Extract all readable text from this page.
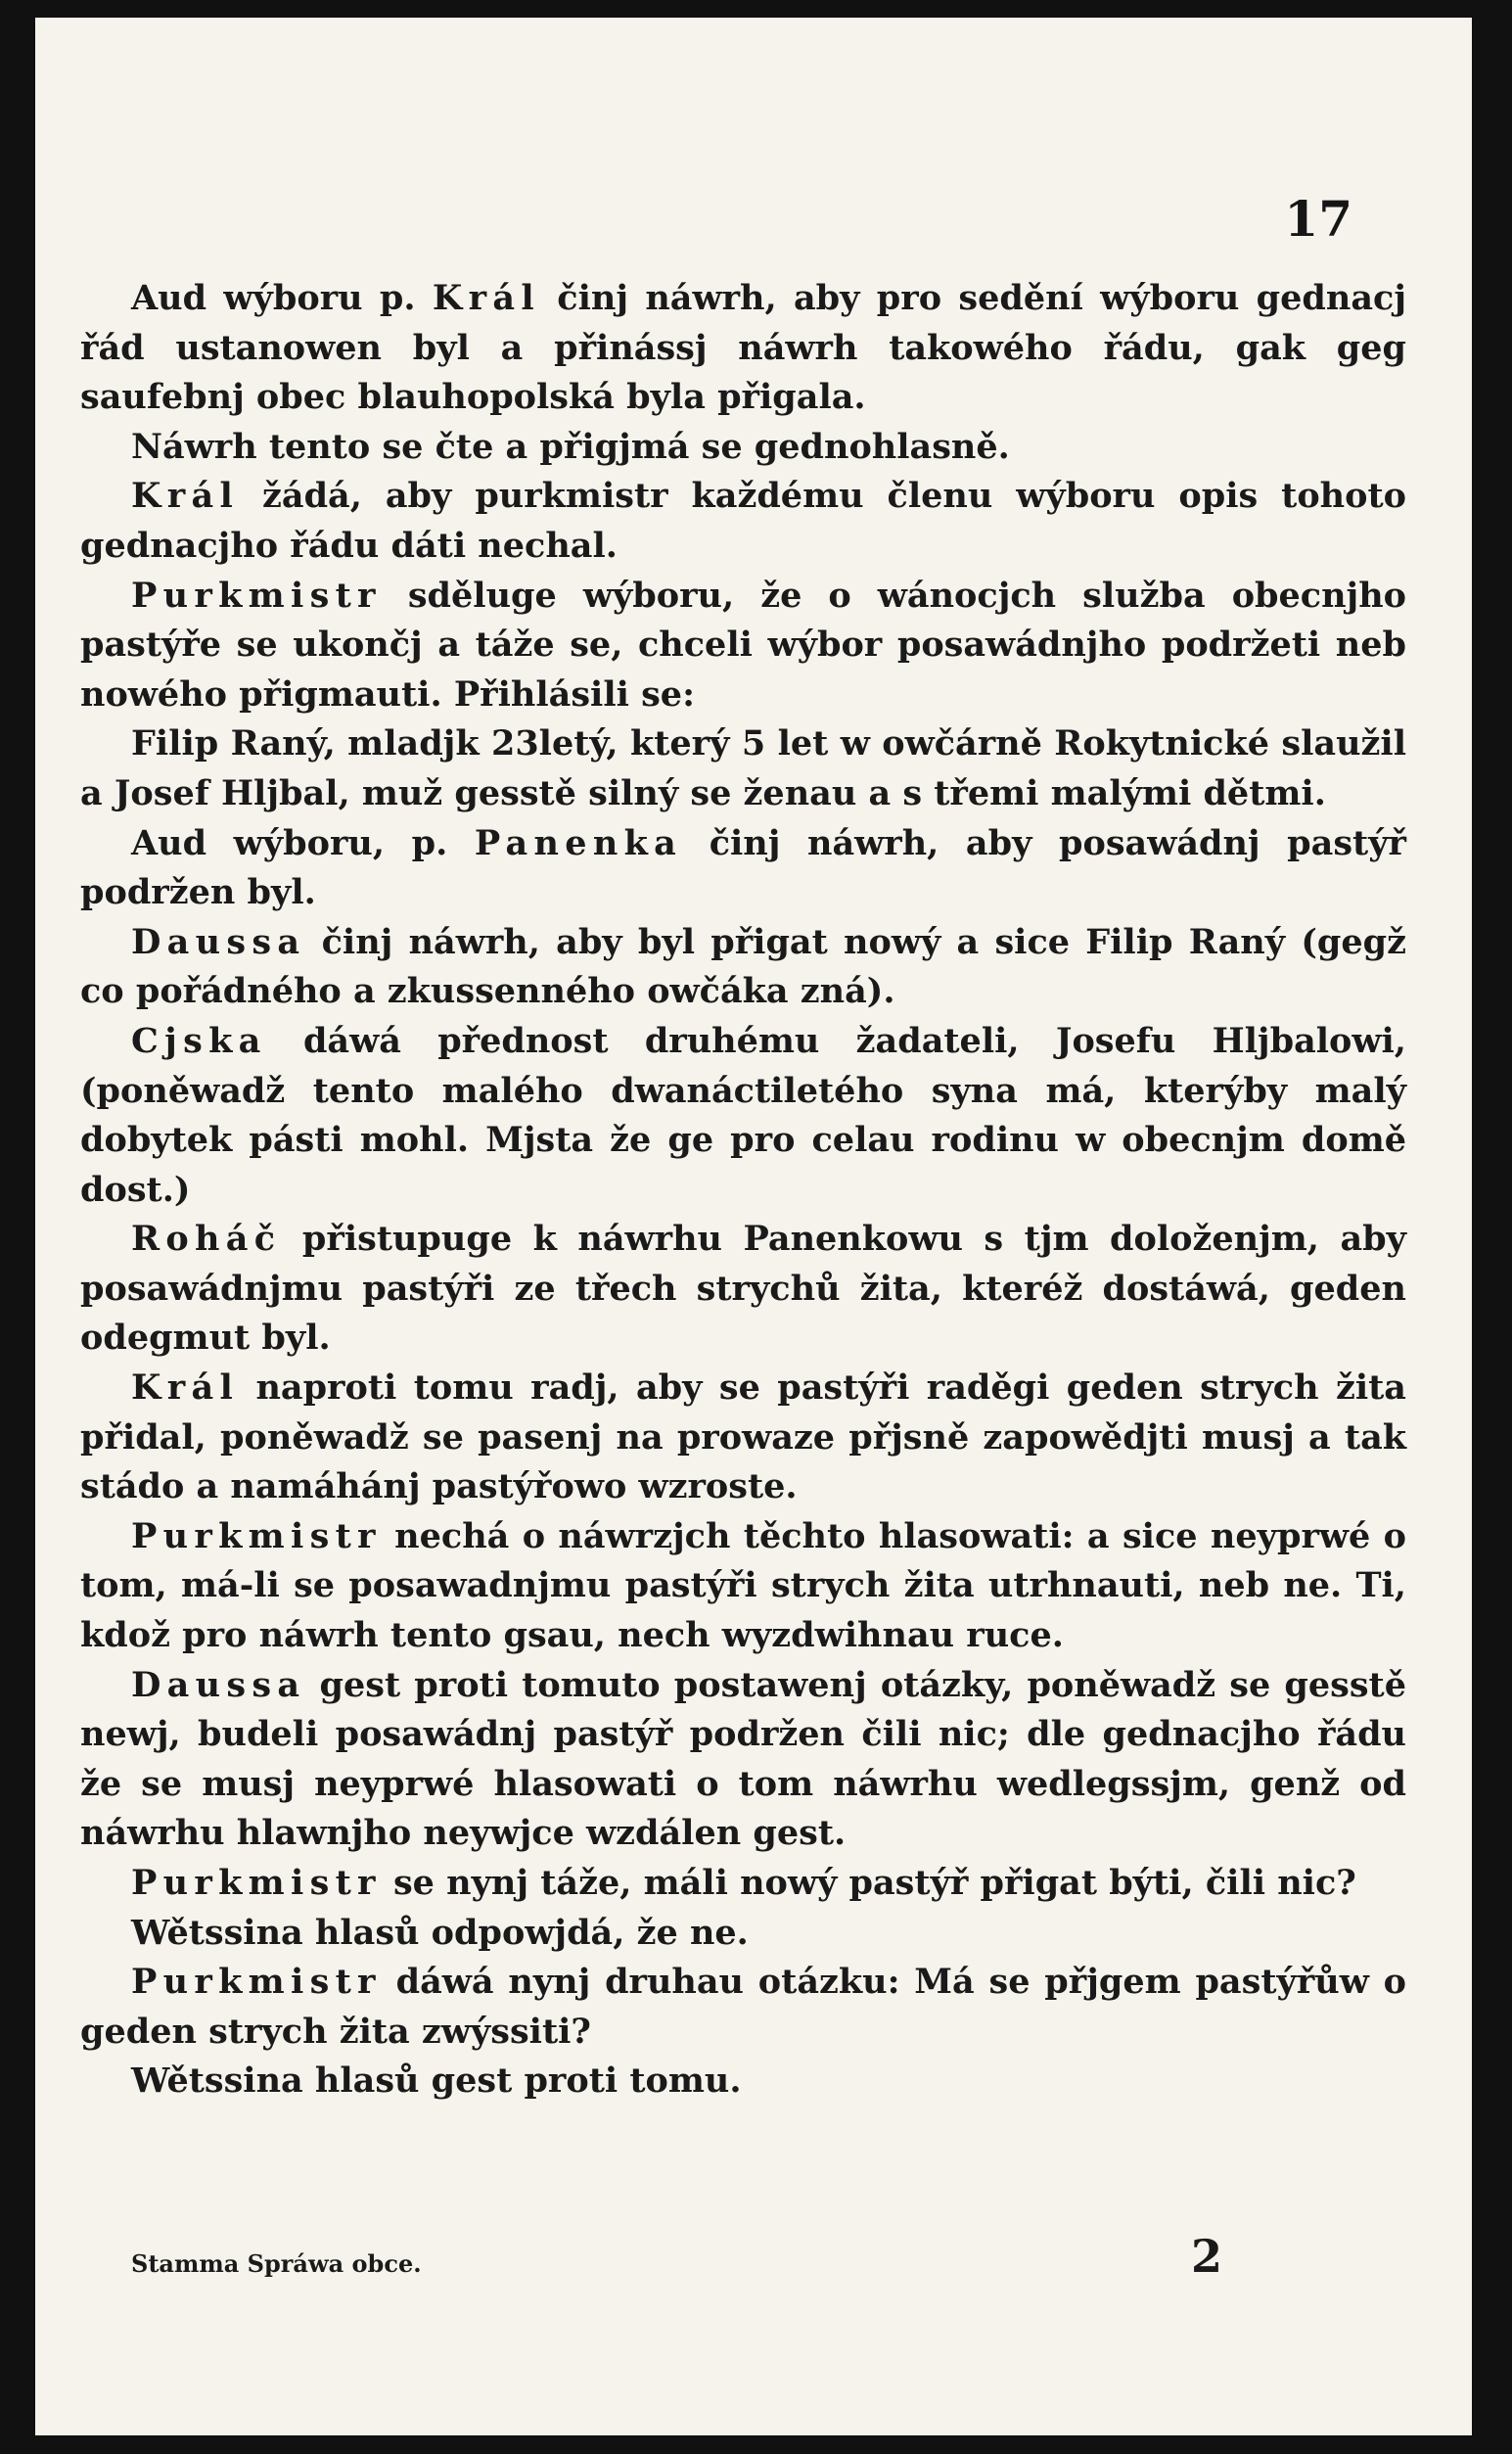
17

Aud wýboru p. Král činj náwrh, aby pro sedění wýboru gednacj řád ustanowen byl a přinássj náwrh takowého řádu, gak geg saufebnj obec blauhopolská byla přigala.

Náwrh tento se čte a přigjmá se gednohlasně.

Král žádá, aby purkmistr každému členu wýboru opis tohoto gednacjho řádu dáti nechal.

Purkmistr sděluge wýboru, že o wánocjch služba obecnjho pastýře se ukončj a táže se, chceli wýbor posawádnjho podržeti neb nowého přigmauti. Přihlásili se:

Filip Raný, mladjk 23letý, který 5 let w owčárně Rokytnické slaužil a Josef Hljbal, muž gesstě silný se ženau a s třemi malými dětmi.

Aud wýboru, p. Panenka činj náwrh, aby posawádnj pastýř podržen byl.

Daussa činj náwrh, aby byl přigat nowý a sice Filip Raný (gegž co pořádného a zkussenného owčáka zná).

Cjska dáwá přednost druhému žadateli, Josefu Hljbalowi, (poněwadž tento malého dwanáctiletého syna má, kterýby malý dobytek pásti mohl. Mjsta že ge pro celau rodinu w obecnjm domě dost.)

Roháč přistupuge k náwrhu Panenkowu s tjm doloženjm, aby posawádnjmu pastýři ze třech strychů žita, kteréž dostáwá, geden odegmut byl.

Král naproti tomu radj, aby se pastýři raděgi geden strych žita přidal, poněwadž se pasenj na prowaze přjsně zapowědjti musj a tak stádo a namáhánj pastýřowo wzroste.

Purkmistr nechá o náwrzjch těchto hlasowati: a sice neyprwé o tom, má-li se posawadnjmu pastýři strych žita utrhnauti, neb ne. Ti, kdož pro náwrh tento gsau, nech wyzdwihnau ruce.

Daussa gest proti tomuto postawenj otázky, poněwadž se gesstě newj, budeli posawádnj pastýř podržen čili nic; dle gednacjho řádu že se musj neyprwé hlasowati o tom náwrhu wedlegssjm, genž od náwrhu hlawnjho neywjce wzdálen gest.

Purkmistr se nynj táže, máli nowý pastýř přigat býti, čili nic?

Wětssina hlasů odpowjdá, že ne.

Purkmistr dáwá nynj druhau otázku: Má se přjgem pastýřůw o geden strych žita zwýssiti?

Wětssina hlasů gest proti tomu.

Stamma Spráwa obce.	2
